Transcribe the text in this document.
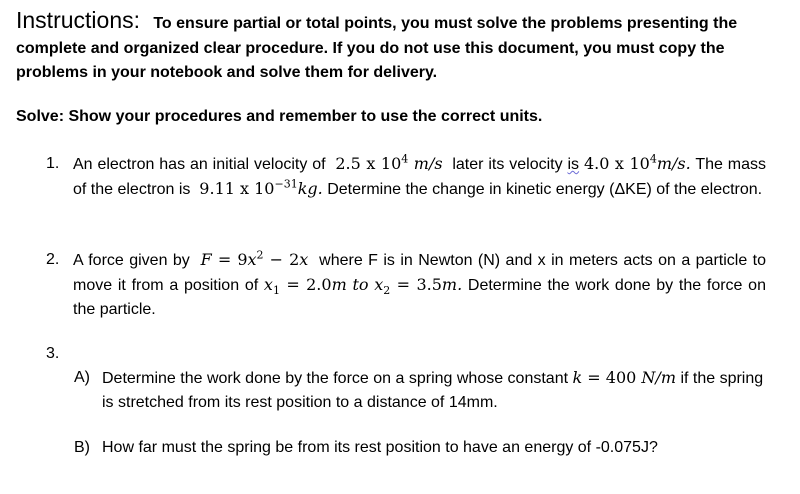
Instructions: To ensure partial or total points, you must solve the problems presenting the complete and organized clear procedure. If you do not use this document, you must copy the problems in your notebook and solve them for delivery.
Solve: Show your procedures and remember to use the correct units.
1. An electron has an initial velocity of 2.5 x $10^4$ m/s later its velocity is 4.0 x $10^4m/s$. The mass of the electron is 9.11 x $10^{-31}kg$. Determine the change in kinetic energy (ΔKE) of the electron.
2. A force given by $F = 9x^2 - 2x$ where F is in Newton (N) and x in meters acts on a particle to move it from a position of $x_1 = 2.0m$ to $x_2 = 3.5m$. Determine the work done by the force on the particle.
3.
A) Determine the work done by the force on a spring whose constant k = 400 N/m if the spring is stretched from its rest position to a distance of 14mm.
B) How far must the spring be from its rest position to have an energy of -0.075J?
